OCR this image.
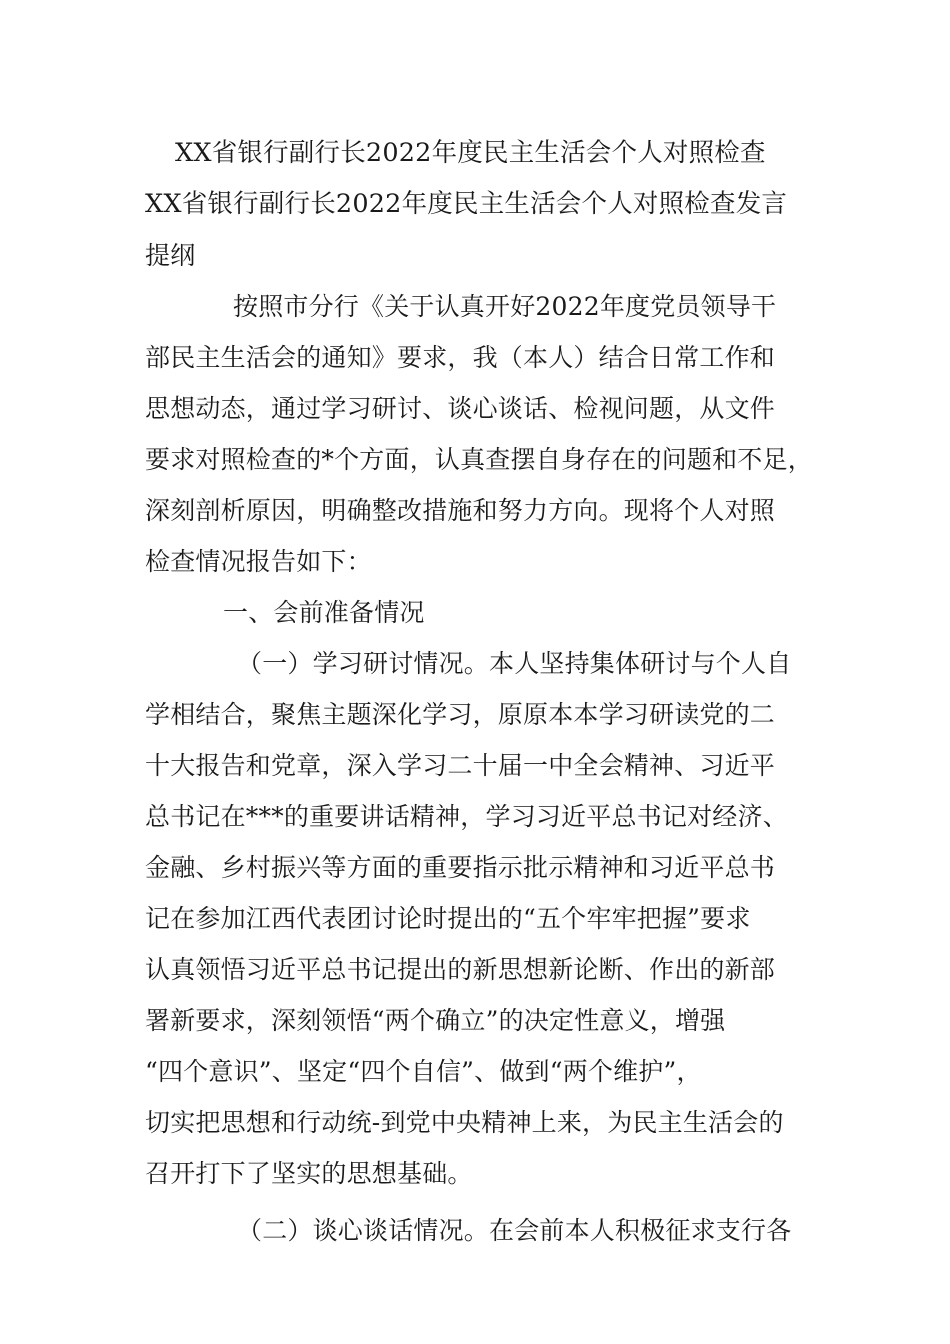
XX省银行副行长2022年度民主生活会个人对照检查
XX省银行副行长2022年度民主生活会个人对照检查发言
提纲
按照市分行《关于认真开好2022年度党员领导干
部民主生活会的通知》要求，我（本人）结合日常工作和
思想动态，通过学习研讨、谈心谈话、检视问题，从文件
要求对照检查的*个方面，认真查摆自身存在的问题和不足，
深刻剖析原因，明确整改措施和努力方向。现将个人对照
检查情况报告如下：
一、会前准备情况
（一）学习研讨情况。本人坚持集体研讨与个人自
学相结合，聚焦主题深化学习，原原本本学习研读党的二
十大报告和党章，深入学习二十届一中全会精神、习近平
总书记在***的重要讲话精神，学习习近平总书记对经济、
金融、乡村振兴等方面的重要指示批示精神和习近平总书
记在参加江西代表团讨论时提出的“五个牢牢把握”要求
认真领悟习近平总书记提出的新思想新论断、作出的新部
署新要求，深刻领悟“两个确立”的决定性意义，增强
“四个意识”、坚定“四个自信”、做到“两个维护”，
切实把思想和行动统-到党中央精神上来，为民主生活会的
召开打下了坚实的思想基础。
（二）谈心谈话情况。在会前本人积极征求支行各
